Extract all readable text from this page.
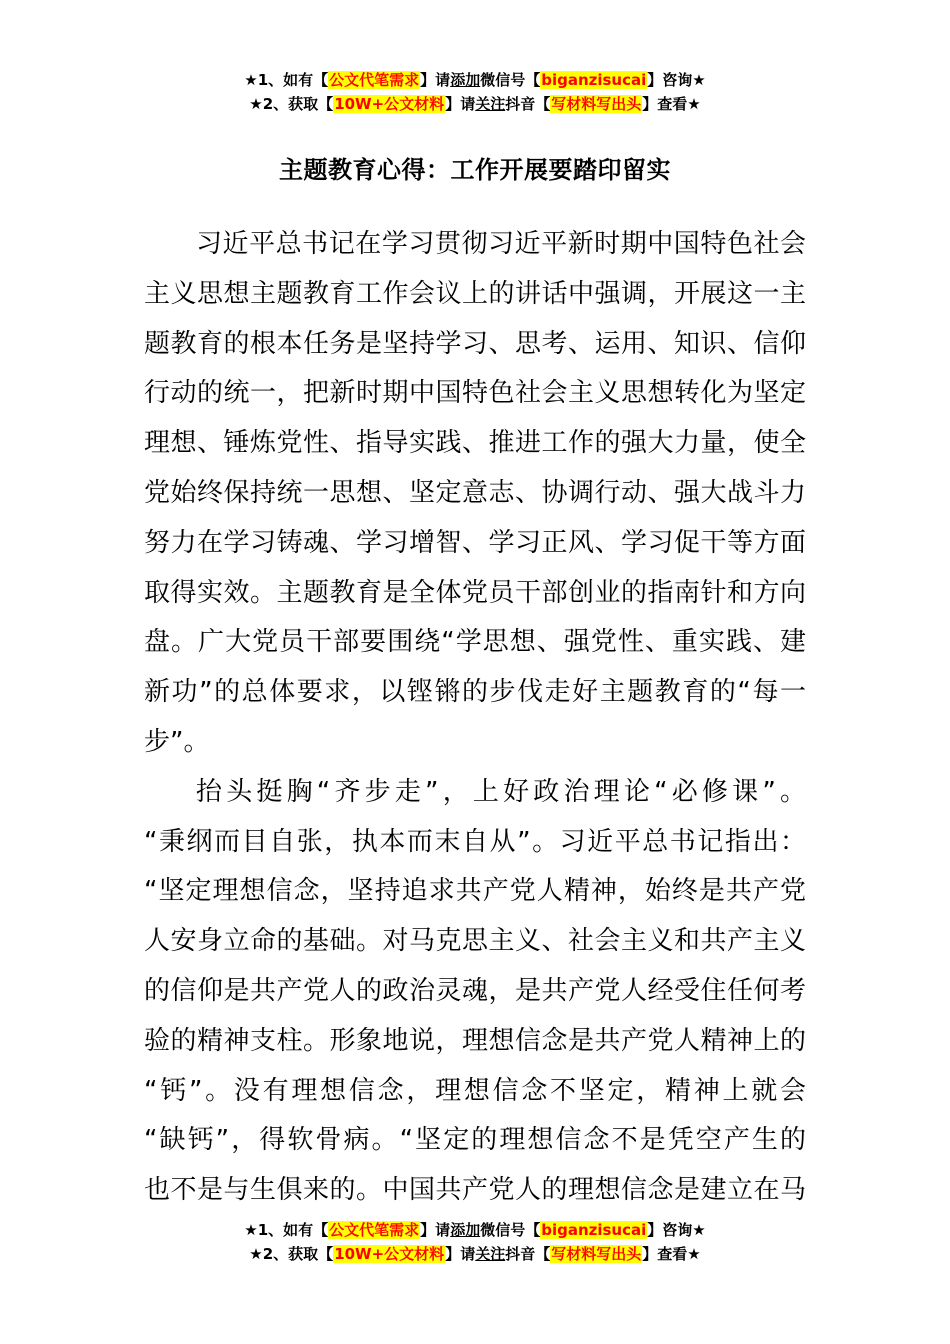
★1、如有【公文代笔需求】请添加微信号【biganzisucai】咨询★
★2、获取【10W+公文材料】请关注抖音【写材料写出头】查看★
主题教育心得：工作开展要踏印留实
习近平总书记在学习贯彻习近平新时期中国特色社会
主义思想主题教育工作会议上的讲话中强调，开展这一主
题教育的根本任务是坚持学习、思考、运用、知识、信仰
行动的统一，把新时期中国特色社会主义思想转化为坚定
理想、锤炼党性、指导实践、推进工作的强大力量，使全
党始终保持统一思想、坚定意志、协调行动、强大战斗力
努力在学习铸魂、学习增智、学习正风、学习促干等方面
取得实效。主题教育是全体党员干部创业的指南针和方向
盘。广大党员干部要围绕“学思想、强党性、重实践、建
新功”的总体要求，以铿锵的步伐走好主题教育的“每一
步”。
抬头挺胸“齐步走”，上好政治理论“必修课”。
“秉纲而目自张，执本而末自从”。习近平总书记指出：
“坚定理想信念，坚持追求共产党人精神，始终是共产党
人安身立命的基础。对马克思主义、社会主义和共产主义
的信仰是共产党人的政治灵魂，是共产党人经受住任何考
验的精神支柱。形象地说，理想信念是共产党人精神上的
“钙”。没有理想信念，理想信念不坚定，精神上就会
“缺钙”，得软骨病。“坚定的理想信念不是凭空产生的
也不是与生俱来的。中国共产党人的理想信念是建立在马
★1、如有【公文代笔需求】请添加微信号【biganzisucai】咨询★
★2、获取【10W+公文材料】请关注抖音【写材料写出头】查看★
